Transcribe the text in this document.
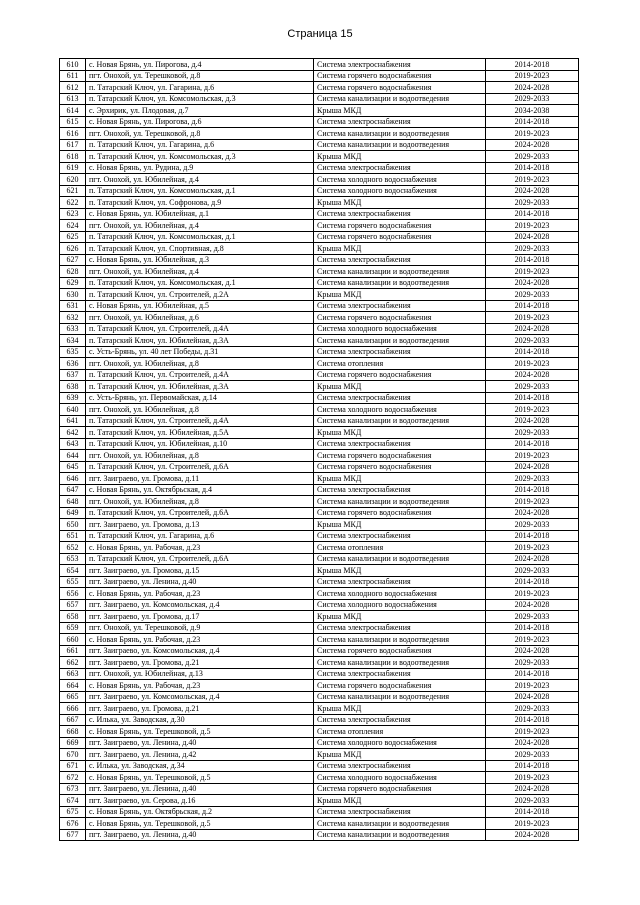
Страница 15
610	с. Новая Брянь, ул. Пирогова, д.4	Система электроснабжения	2014-2018
611	пгт. Онохой, ул. Терешковой, д.8	Система горячего водоснабжения	2019-2023
612	п. Татарский Ключ, ул. Гагарина, д.6	Система горячего водоснабжения	2024-2028
613	п. Татарский Ключ, ул. Комсомольская, д.3	Система канализации и водоотведения	2029-2033
614	с. Эрхирик, ул. Плодовая, д.7	Крыша МКД	2034-2038
615	с. Новая Брянь, ул. Пирогова, д.6	Система электроснабжения	2014-2018
616	пгт. Онохой, ул. Терешковой, д.8	Система канализации и водоотведения	2019-2023
617	п. Татарский Ключ, ул. Гагарина, д.6	Система канализации и водоотведения	2024-2028
618	п. Татарский Ключ, ул. Комсомольская, д.3	Крыша МКД	2029-2033
619	с. Новая Брянь, ул. Рудина, д.9	Система электроснабжения	2014-2018
620	пгт. Онохой, ул. Юбилейная, д.4	Система холодного водоснабжения	2019-2023
621	п. Татарский Ключ, ул. Комсомольская, д.1	Система холодного водоснабжения	2024-2028
622	п. Татарский Ключ, ул. Софронова, д.9	Крыша МКД	2029-2033
623	с. Новая Брянь, ул. Юбилейная, д.1	Система электроснабжения	2014-2018
624	пгт. Онохой, ул. Юбилейная, д.4	Система горячего водоснабжения	2019-2023
625	п. Татарский Ключ, ул. Комсомольская, д.1	Система горячего водоснабжения	2024-2028
626	п. Татарский Ключ, ул. Спортивная, д.8	Крыша МКД	2029-2033
627	с. Новая Брянь, ул. Юбилейная, д.3	Система электроснабжения	2014-2018
628	пгт. Онохой, ул. Юбилейная, д.4	Система канализации и водоотведения	2019-2023
629	п. Татарский Ключ, ул. Комсомольская, д.1	Система канализации и водоотведения	2024-2028
630	п. Татарский Ключ, ул. Строителей, д.2А	Крыша МКД	2029-2033
631	с. Новая Брянь, ул. Юбилейная, д.5	Система электроснабжения	2014-2018
632	пгт. Онохой, ул. Юбилейная, д.6	Система горячего водоснабжения	2019-2023
633	п. Татарский Ключ, ул. Строителей, д.4А	Система холодного водоснабжения	2024-2028
634	п. Татарский Ключ, ул. Юбилейная, д.3А	Система канализации и водоотведения	2029-2033
635	с. Усть-Брянь, ул. 40 лет Победы, д.31	Система электроснабжения	2014-2018
636	пгт. Онохой, ул. Юбилейная, д.8	Система отопления	2019-2023
637	п. Татарский Ключ, ул. Строителей, д.4А	Система горячего водоснабжения	2024-2028
638	п. Татарский Ключ, ул. Юбилейная, д.3А	Крыша МКД	2029-2033
639	с. Усть-Брянь, ул. Первомайская, д.14	Система электроснабжения	2014-2018
640	пгт. Онохой, ул. Юбилейная, д.8	Система холодного водоснабжения	2019-2023
641	п. Татарский Ключ, ул. Строителей, д.4А	Система канализации и водоотведения	2024-2028
642	п. Татарский Ключ, ул. Юбилейная, д.5А	Крыша МКД	2029-2033
643	п. Татарский Ключ, ул. Юбилейная, д.10	Система электроснабжения	2014-2018
644	пгт. Онохой, ул. Юбилейная, д.8	Система горячего водоснабжения	2019-2023
645	п. Татарский Ключ, ул. Строителей, д.6А	Система горячего водоснабжения	2024-2028
646	пгт. Заиграево, ул. Громова, д.11	Крыша МКД	2029-2033
647	с. Новая Брянь, ул. Октябрьская, д.4	Система электроснабжения	2014-2018
648	пгт. Онохой, ул. Юбилейная, д.8	Система канализации и водоотведения	2019-2023
649	п. Татарский Ключ, ул. Строителей, д.6А	Система горячего водоснабжения	2024-2028
650	пгт. Заиграево, ул. Громова, д.13	Крыша МКД	2029-2033
651	п. Татарский Ключ, ул. Гагарина, д.6	Система электроснабжения	2014-2018
652	с. Новая Брянь, ул. Рабочая, д.23	Система отопления	2019-2023
653	п. Татарский Ключ, ул. Строителей, д.6А	Система канализации и водоотведения	2024-2028
654	пгт. Заиграево, ул. Громова, д.15	Крыша МКД	2029-2033
655	пгт. Заиграево, ул. Ленина, д.40	Система электроснабжения	2014-2018
656	с. Новая Брянь, ул. Рабочая, д.23	Система холодного водоснабжения	2019-2023
657	пгт. Заиграево, ул. Комсомольская, д.4	Система холодного водоснабжения	2024-2028
658	пгт. Заиграево, ул. Громова, д.17	Крыша МКД	2029-2033
659	пгт. Онохой, ул. Терешковой, д.9	Система электроснабжения	2014-2018
660	с. Новая Брянь, ул. Рабочая, д.23	Система канализации и водоотведения	2019-2023
661	пгт. Заиграево, ул. Комсомольская, д.4	Система горячего водоснабжения	2024-2028
662	пгт. Заиграево, ул. Громова, д.21	Система канализации и водоотведения	2029-2033
663	пгт. Онохой, ул. Юбилейная, д.13	Система электроснабжения	2014-2018
664	с. Новая Брянь, ул. Рабочая, д.23	Система горячего водоснабжения	2019-2023
665	пгт. Заиграево, ул. Комсомольская, д.4	Система канализации и водоотведения	2024-2028
666	пгт. Заиграево, ул. Громова, д.21	Крыша МКД	2029-2033
667	с. Илька, ул. Заводская, д.30	Система электроснабжения	2014-2018
668	с. Новая Брянь, ул. Терешковой, д.5	Система отопления	2019-2023
669	пгт. Заиграево, ул. Ленина, д.40	Система холодного водоснабжения	2024-2028
670	пгт. Заиграево, ул. Ленина, д.42	Крыша МКД	2029-2033
671	с. Илька, ул. Заводская, д.34	Система электроснабжения	2014-2018
672	с. Новая Брянь, ул. Терешковой, д.5	Система холодного водоснабжения	2019-2023
673	пгт. Заиграево, ул. Ленина, д.40	Система горячего водоснабжения	2024-2028
674	пгт. Заиграево, ул. Серова, д.16	Крыша МКД	2029-2033
675	с. Новая Брянь, ул. Октябрьская, д.2	Система электроснабжения	2014-2018
676	с. Новая Брянь, ул. Терешковой, д.5	Система канализации и водоотведения	2019-2023
677	пгт. Заиграево, ул. Ленина, д.40	Система канализации и водоотведения	2024-2028
